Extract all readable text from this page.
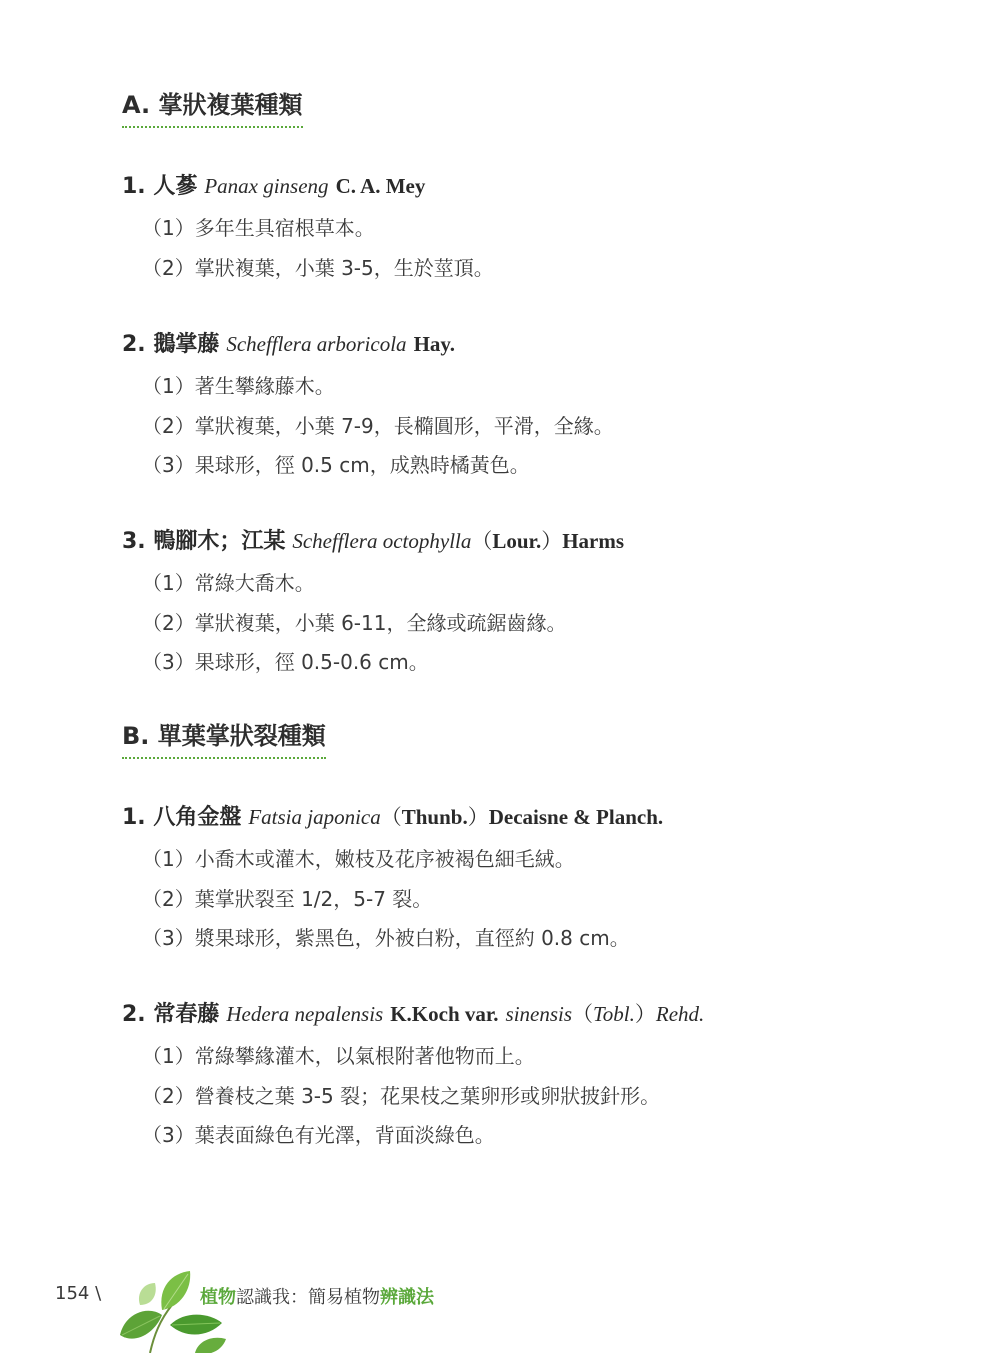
A. 掌狀複葉種類
1. 人蔘 Panax ginseng C. A. Mey
（1）多年生具宿根草本。
（2）掌狀複葉，小葉 3-5，生於莖頂。
2. 鵝掌藤 Schefflera arboricola Hay.
（1）著生攀緣藤木。
（2）掌狀複葉，小葉 7-9，長橢圓形，平滑，全緣。
（3）果球形，徑 0.5 cm，成熟時橘黃色。
3. 鴨腳木；江某 Schefflera octophylla（Lour.）Harms
（1）常綠大喬木。
（2）掌狀複葉，小葉 6-11，全緣或疏鋸齒緣。
（3）果球形，徑 0.5-0.6 cm。
B. 單葉掌狀裂種類
1. 八角金盤 Fatsia japonica（Thunb.）Decaisne & Planch.
（1）小喬木或灌木，嫩枝及花序被褐色細毛絨。
（2）葉掌狀裂至 1/2，5-7 裂。
（3）漿果球形，紫黑色，外被白粉，直徑約 0.8 cm。
2. 常春藤 Hedera nepalensis K.Koch var. sinensis（Tobl.）Rehd.
（1）常綠攀緣灌木，以氣根附著他物而上。
（2）營養枝之葉 3-5 裂；花果枝之葉卵形或卵狀披針形。
（3）葉表面綠色有光澤，背面淡綠色。
154 \	植物認識我：簡易植物辨識法
